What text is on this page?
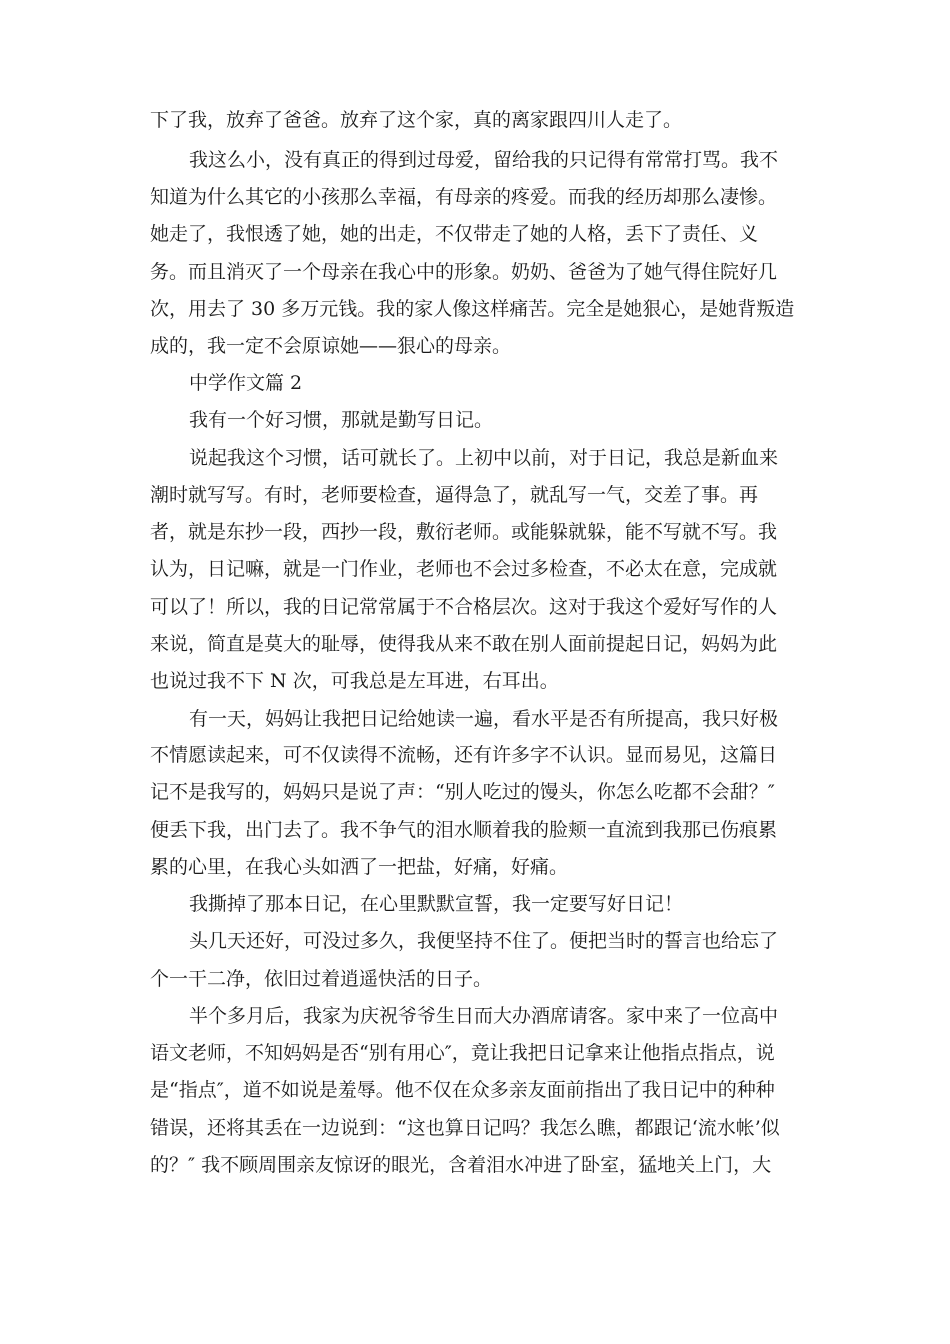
下了我，放弃了爸爸。放弃了这个家，真的离家跟四川人走了。
我这么小，没有真正的得到过母爱，留给我的只记得有常常打骂。我不
知道为什么其它的小孩那么幸福，有母亲的疼爱。而我的经历却那么凄惨。
她走了，我恨透了她，她的出走，不仅带走了她的人格，丢下了责任、义
务。而且消灭了一个母亲在我心中的形象。奶奶、爸爸为了她气得住院好几
次，用去了 30 多万元钱。我的家人像这样痛苦。完全是她狠心，是她背叛造
成的，我一定不会原谅她——狠心的母亲。
中学作文篇 2
我有一个好习惯，那就是勤写日记。
说起我这个习惯，话可就长了。上初中以前，对于日记，我总是新血来
潮时就写写。有时，老师要检查，逼得急了，就乱写一气，交差了事。再
者，就是东抄一段，西抄一段，敷衍老师。或能躲就躲，能不写就不写。我
认为，日记嘛，就是一门作业，老师也不会过多检查，不必太在意，完成就
可以了！所以，我的日记常常属于不合格层次。这对于我这个爱好写作的人
来说，简直是莫大的耻辱，使得我从来不敢在别人面前提起日记，妈妈为此
也说过我不下 N 次，可我总是左耳进，右耳出。
有一天，妈妈让我把日记给她读一遍，看水平是否有所提高，我只好极
不情愿读起来，可不仅读得不流畅，还有许多字不认识。显而易见，这篇日
记不是我写的，妈妈只是说了声：“别人吃过的馒头，你怎么吃都不会甜？″
便丢下我，出门去了。我不争气的泪水顺着我的脸颊一直流到我那已伤痕累
累的心里，在我心头如洒了一把盐，好痛，好痛。
我撕掉了那本日记，在心里默默宣誓，我一定要写好日记！
头几天还好，可没过多久，我便坚持不住了。便把当时的誓言也给忘了
个一干二净，依旧过着逍遥快活的日子。
半个多月后，我家为庆祝爷爷生日而大办酒席请客。家中来了一位高中
语文老师，不知妈妈是否“别有用心″，竟让我把日记拿来让他指点指点，说
是“指点″，道不如说是羞辱。他不仅在众多亲友面前指出了我日记中的种种
错误，还将其丢在一边说到：“这也算日记吗？我怎么瞧，都跟记‘流水帐’似
的？″ 我不顾周围亲友惊讶的眼光，含着泪水冲进了卧室，猛地关上门，大
